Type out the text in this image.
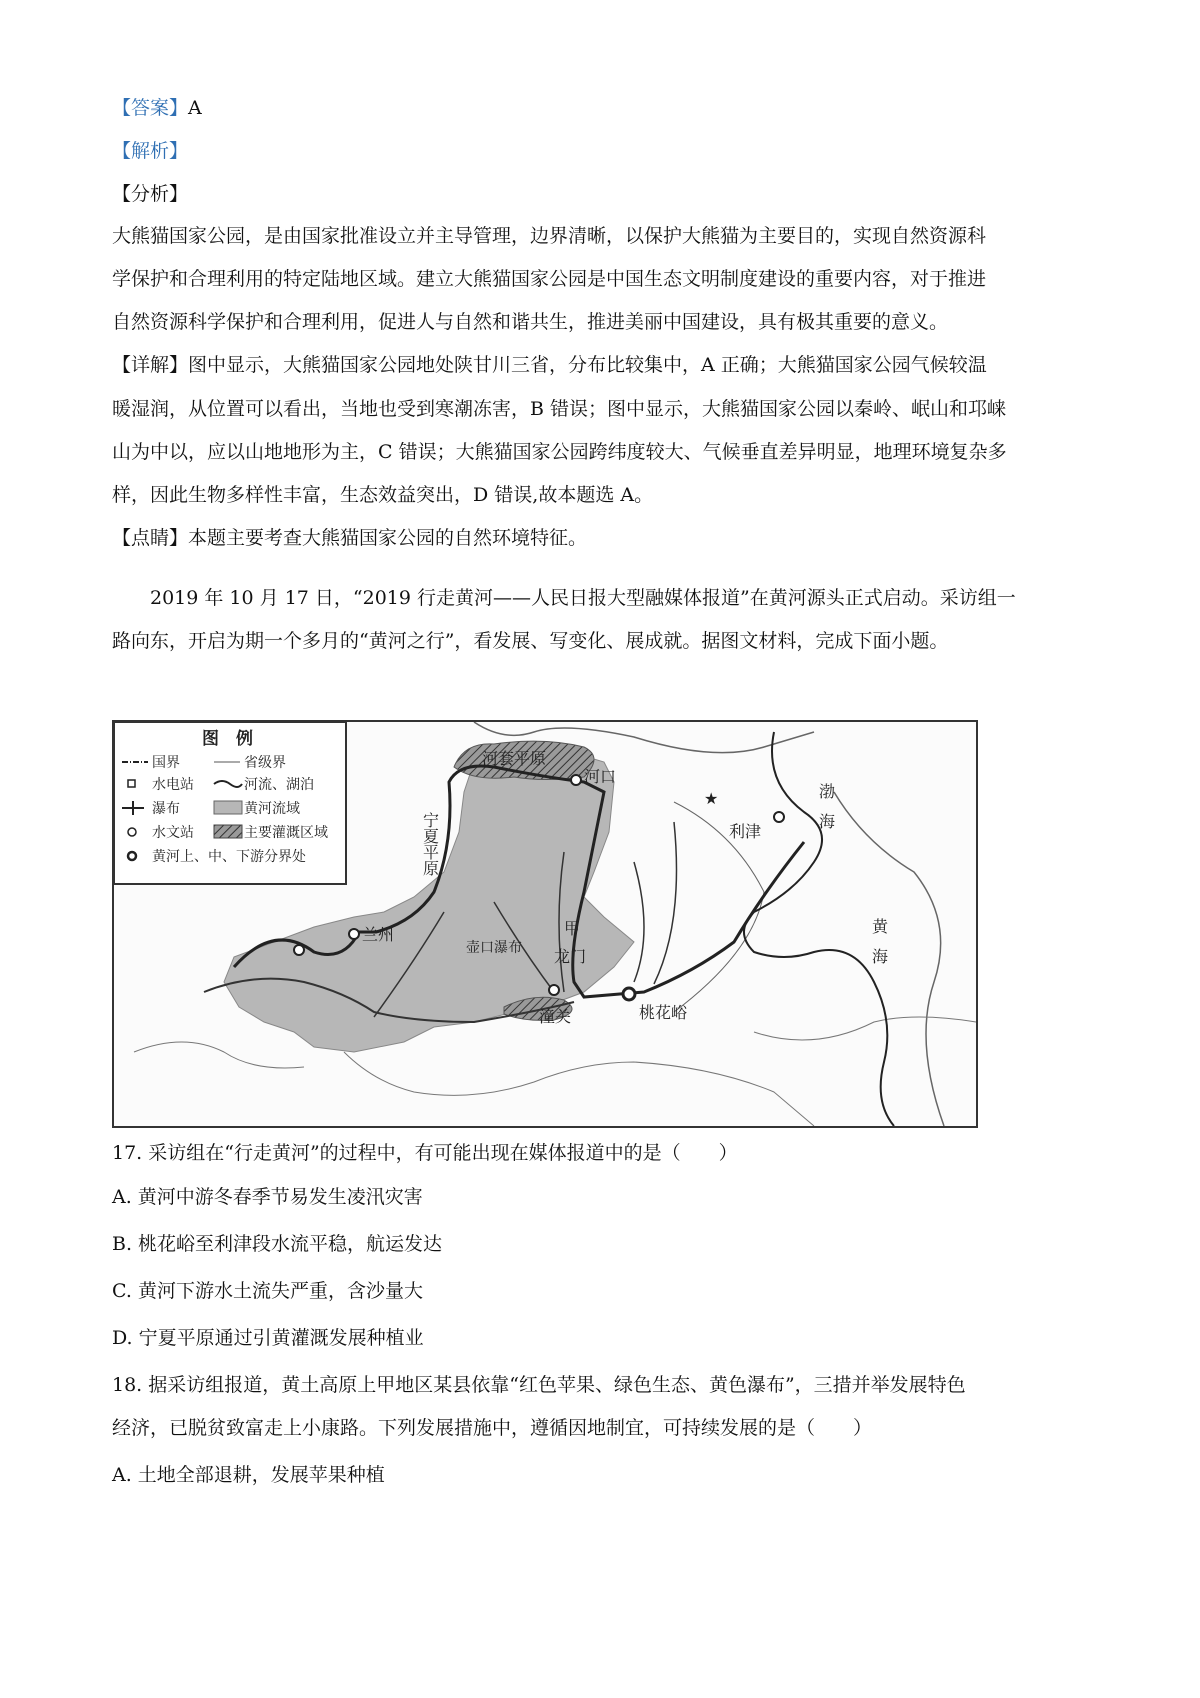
【答案】A
【解析】
【分析】
大熊猫国家公园，是由国家批准设立并主导管理，边界清晰，以保护大熊猫为主要目的，实现自然资源科
学保护和合理利用的特定陆地区域。建立大熊猫国家公园是中国生态文明制度建设的重要内容，对于推进
自然资源科学保护和合理利用，促进人与自然和谐共生，推进美丽中国建设，具有极其重要的意义。
【详解】图中显示，大熊猫国家公园地处陕甘川三省，分布比较集中，A 正确；大熊猫国家公园气候较温
暖湿润，从位置可以看出，当地也受到寒潮冻害，B 错误；图中显示，大熊猫国家公园以秦岭、岷山和邛崃
山为中以，应以山地地形为主，C 错误；大熊猫国家公园跨纬度较大、气候垂直差异明显，地理环境复杂多
样，因此生物多样性丰富，生态效益突出，D 错误,故本题选 A。
【点睛】本题主要考查大熊猫国家公园的自然环境特征。
2019 年 10 月 17 日，“2019 行走黄河——人民日报大型融媒体报道”在黄河源头正式启动。采访组一
路向东，开启为期一个多月的“黄河之行”，看发展、写变化、展成就。据图文材料，完成下面小题。
★
图　例
国界	省级界
水电站	河流、湖泊
瀑布	黄河流域
水文站	主要灌溉区域
黄河上、中、下游分界处
河套平原
河口
宁夏平原
兰州
壶口瀑布
甲
龙门
潼关	桃花峪
利津
渤
海
黄
海
17. 采访组在“行走黄河”的过程中，有可能出现在媒体报道中的是（　　）
A. 黄河中游冬春季节易发生凌汛灾害
B. 桃花峪至利津段水流平稳，航运发达
C. 黄河下游水土流失严重，含沙量大
D. 宁夏平原通过引黄灌溉发展种植业
18. 据采访组报道，黄土高原上甲地区某县依靠“红色苹果、绿色生态、黄色瀑布”，三措并举发展特色
经济，已脱贫致富走上小康路。下列发展措施中，遵循因地制宜，可持续发展的是（　　）
A. 土地全部退耕，发展苹果种植
